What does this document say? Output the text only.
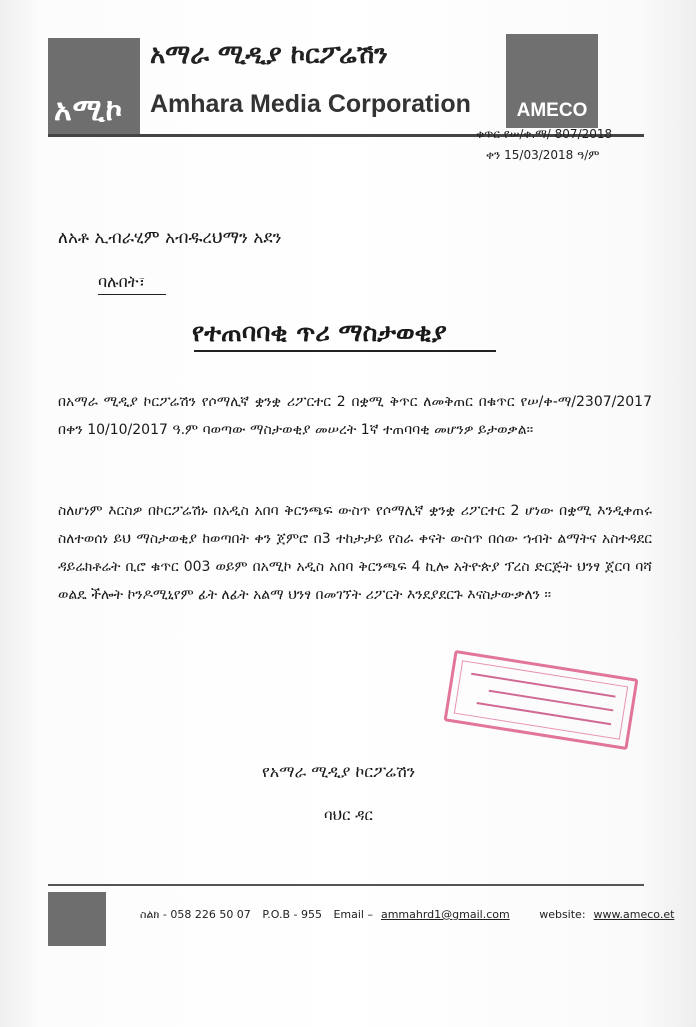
አሚኮ
አማራ ሚዲያ ኮርፖሬሽን
Amhara Media Corporation	AMECO
ቁጥር የሠ/ቀ.ማ/ 807/2018
ቀን 15/03/2018 ዓ/ም
ለአቶ ኢብራሂም አብዱረህማን አደን
ባሉበት፣
የተጠባባቂ ጥሪ ማስታወቂያ
በአማራ ሚዲያ ኮርፖሬሽን የሶማሊኛ ቋንቋ ሪፖርተር 2 በቋሚ ቅጥር ለመቅጠር በቁጥር የሠ/ቀ-ማ/2307/2017 በቀን 10/10/2017 ዓ.ም ባወጣው ማስታወቂያ መሠረት 1ኛ ተጠባባቂ መሆንዎ ይታወቃል፡፡
ስለሆነም እርስዎ በኮርፖሬሽኑ በአዲስ አበባ ቅርንጫፍ ውስጥ የሶማሊኛ ቋንቋ ሪፖርተር 2 ሆነው በቋሚ እንዲቀጠሩ ስለተወሰነ ይህ ማስታወቂያ ከወጣበት ቀን ጀምሮ በ3 ተከታታይ የስራ ቀናት ውስጥ በሰው ኀብት ልማትና አስተዳደር ዳይሬክቶሬት ቢሮ ቁጥር 003 ወይም በአሚኮ አዲስ አበባ ቅርንጫፍ 4 ኪሎ አትዮጵያ ፕረስ ድርጅት ህንፃ ጀርባ ባሻ ወልዴ ችሎት ኮንዶሚኒየም ፊት ለፊት አልማ ህንፃ በመገኘት ሪፖርት እንደያደርጉ እናስታውቃለን ፡፡
የአማራ ሚዲያ ኮርፖሬሽን
ባህር ዳር
ስልክ - 058 226 50 07 P.O.B - 955 Email – ammahrd1@gmail.com	website: www.ameco.et
